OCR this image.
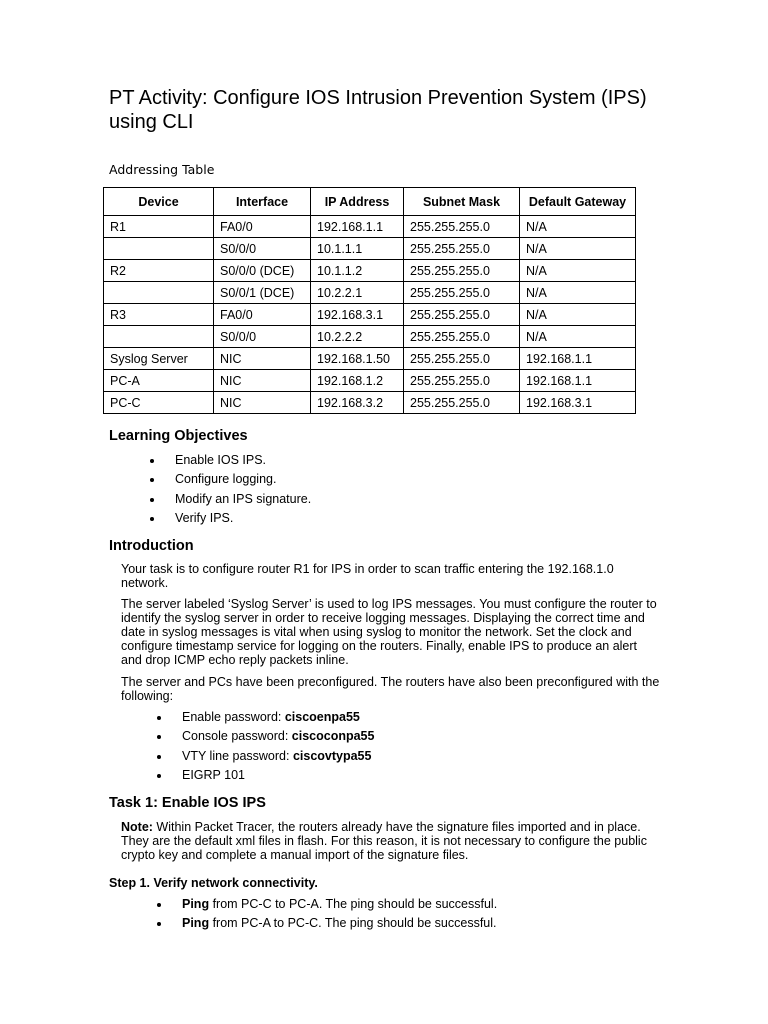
PT Activity: Configure IOS Intrusion Prevention System (IPS) using CLI
Addressing Table
Device	Interface	IP Address	Subnet Mask	Default Gateway
R1	FA0/0	192.168.1.1	255.255.255.0	N/A
	S0/0/0	10.1.1.1	255.255.255.0	N/A
R2	S0/0/0 (DCE)	10.1.1.2	255.255.255.0	N/A
	S0/0/1 (DCE)	10.2.2.1	255.255.255.0	N/A
R3	FA0/0	192.168.3.1	255.255.255.0	N/A
	S0/0/0	10.2.2.2	255.255.255.0	N/A
Syslog Server	NIC	192.168.1.50	255.255.255.0	192.168.1.1
PC-A	NIC	192.168.1.2	255.255.255.0	192.168.1.1
PC-C	NIC	192.168.3.2	255.255.255.0	192.168.3.1
Learning Objectives
Enable IOS IPS.
Configure logging.
Modify an IPS signature.
Verify IPS.
Introduction

Your task is to configure router R1 for IPS in order to scan traffic entering the 192.168.1.0 network.

The server labeled ‘Syslog Server’ is used to log IPS messages. You must configure the router to identify the syslog server in order to receive logging messages. Displaying the correct time and date in syslog messages is vital when using syslog to monitor the network. Set the clock and configure timestamp service for logging on the routers. Finally, enable IPS to produce an alert and drop ICMP echo reply packets inline.

The server and PCs have been preconfigured. The routers have also been preconfigured with the following:

Enable password: ciscoenpa55
Console password: ciscoconpa55
VTY line password: ciscovtypa55
EIGRP 101
Task 1: Enable IOS IPS

Note: Within Packet Tracer, the routers already have the signature files imported and in place. They are the default xml files in flash. For this reason, it is not necessary to configure the public crypto key and complete a manual import of the signature files.

Step 1. Verify network connectivity.
Ping from PC-C to PC-A. The ping should be successful.
Ping from PC-A to PC-C. The ping should be successful.
